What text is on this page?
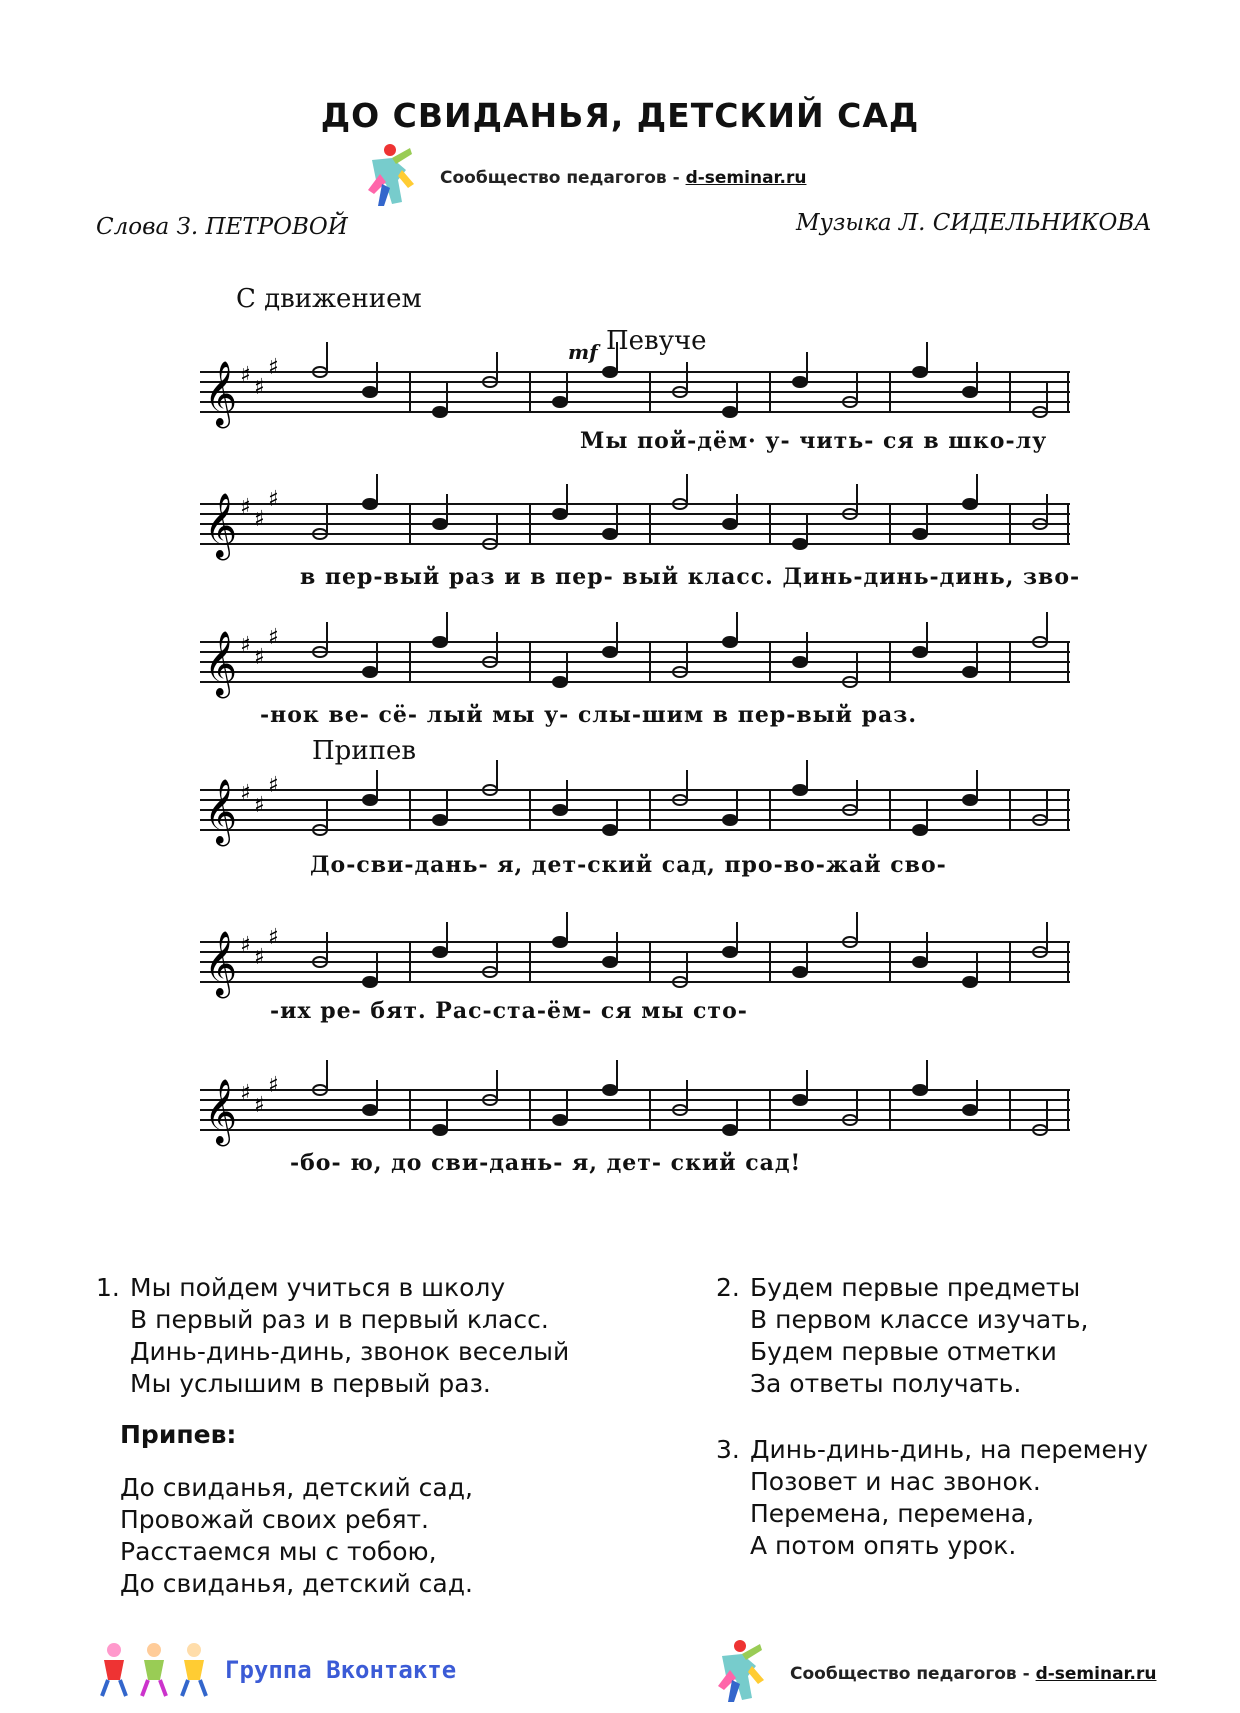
ДО СВИДАНЬЯ, ДЕТСКИЙ САД
Сообщество педагогов - d-seminar.ru
Слова З. ПЕТРОВОЙ	Музыка Л. СИДЕЛЬНИКОВА
С движением
mf Певуче
Припев
𝄞 ♯ ♯
♯
𝄞 ♯ ♯
♯
𝄞 ♯ ♯
♯
𝄞 ♯ ♯
♯
𝄞 ♯ ♯
♯
𝄞 ♯ ♯
♯
Мы пой-дём· у- чить- ся в шко-лу
в пер-вый раз и в пер- вый класс. Динь-динь-динь, зво-
-нок ве- сё- лый мы у- слы-шим в пер-вый раз.
До-сви-дань- я, дет-ский сад, про-во-жай сво-
-их ре- бят. Рас-ста-ём- ся мы сто-
-бо- ю, до сви-дань- я, дет- ский сад!
1. Мы пойдем учиться в школу
В первый раз и в первый класс.
Динь-динь-динь, звонок веселый
Мы услышим в первый раз.
Припев:
До свиданья, детский сад,
Провожай своих ребят.
Расстаемся мы с тобою,
До свиданья, детский сад.
2. Будем первые предметы
В первом классе изучать,
Будем первые отметки
За ответы получать.
3. Динь-динь-динь, на перемену
Позовет и нас звонок.
Перемена, перемена,
А потом опять урок.
Группа Вконтакте	Сообщество педагогов - d-seminar.ru
